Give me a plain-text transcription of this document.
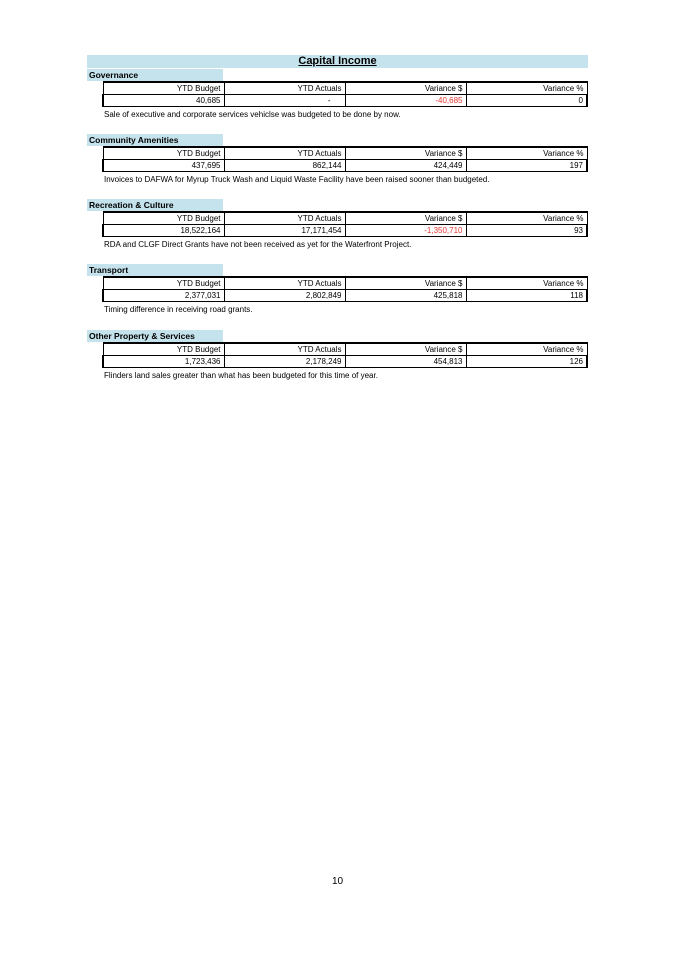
Capital Income
Governance
YTD Budget	YTD Actuals	Variance $	Variance %
40,685	-	-40,685	0
Sale of executive and corporate services vehiclse was budgeted to be done by now.
Community Amenities
YTD Budget	YTD Actuals	Variance $	Variance %
437,695	862,144	424,449	197
Invoices to DAFWA for Myrup Truck Wash and Liquid Waste Facility have been raised sooner than budgeted.
Recreation & Culture
YTD Budget	YTD Actuals	Variance $	Variance %
18,522,164	17,171,454	-1,350,710	93
RDA and CLGF Direct Grants have not been received as yet for the Waterfront Project.
Transport
YTD Budget	YTD Actuals	Variance $	Variance %
2,377,031	2,802,849	425,818	118
Timing difference in receiving road grants.
Other Property & Services
YTD Budget	YTD Actuals	Variance $	Variance %
1,723,436	2,178,249	454,813	126
Flinders land sales greater than what has been budgeted for this time of year.
10
